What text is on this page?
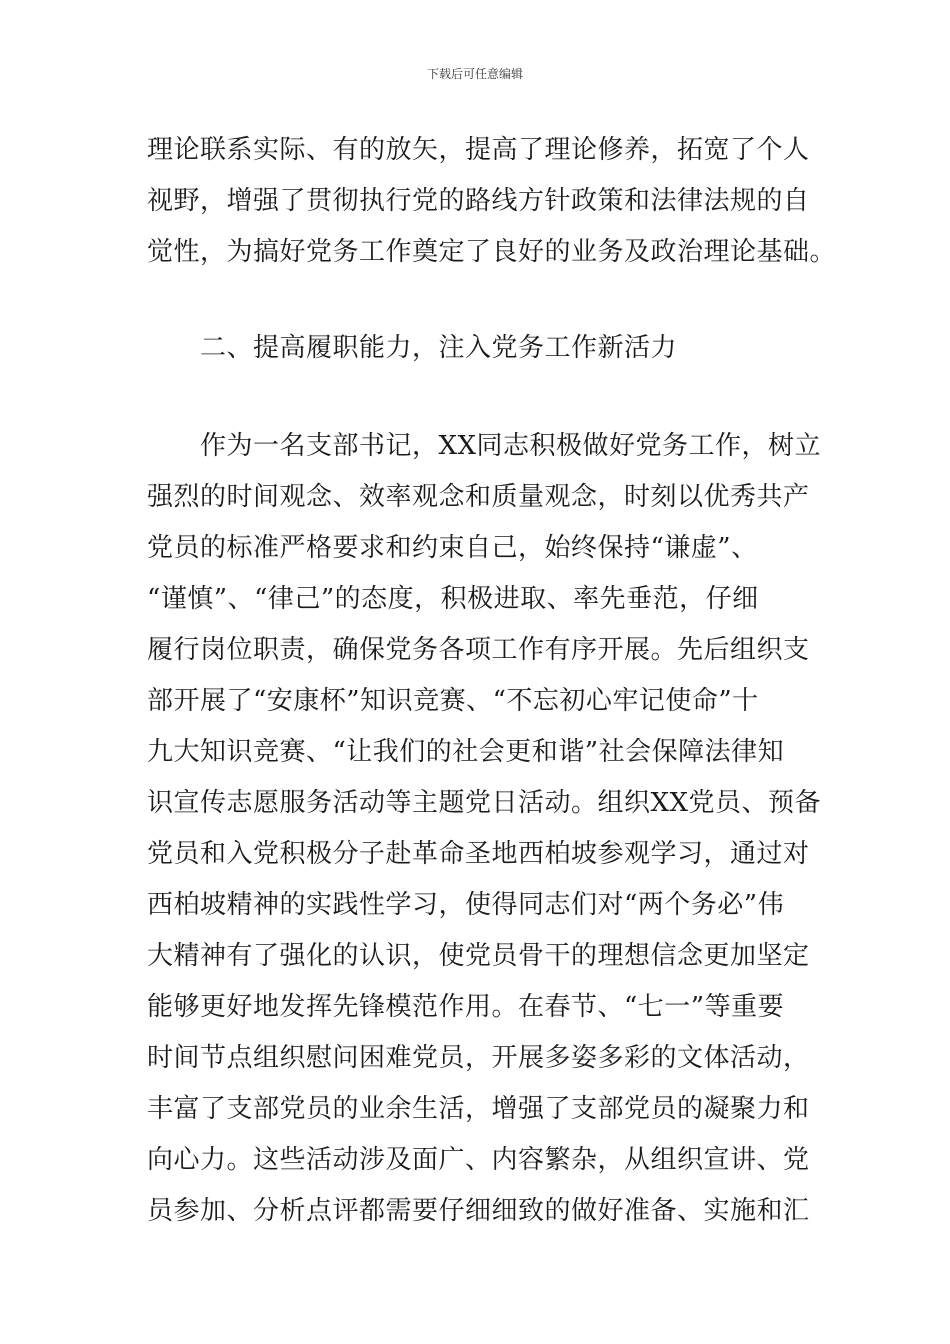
下载后可任意编辑
理论联系实际、有的放矢，提高了理论修养，拓宽了个人
视野，增强了贯彻执行党的路线方针政策和法律法规的自
觉性，为搞好党务工作奠定了良好的业务及政治理论基础。
　　二、提高履职能力，注入党务工作新活力
　　作为一名支部书记，XX同志积极做好党务工作，树立
强烈的时间观念、效率观念和质量观念，时刻以优秀共产
党员的标准严格要求和约束自己，始终保持“谦虚”、
“谨慎”、“律己”的态度，积极进取、率先垂范，仔细
履行岗位职责，确保党务各项工作有序开展。先后组织支
部开展了“安康杯”知识竞赛、“不忘初心牢记使命”十
九大知识竞赛、“让我们的社会更和谐”社会保障法律知
识宣传志愿服务活动等主题党日活动。组织XX党员、预备
党员和入党积极分子赴革命圣地西柏坡参观学习，通过对
西柏坡精神的实践性学习，使得同志们对“两个务必”伟
大精神有了强化的认识，使党员骨干的理想信念更加坚定
能够更好地发挥先锋模范作用。在春节、“七一”等重要
时间节点组织慰问困难党员，开展多姿多彩的文体活动，
丰富了支部党员的业余生活，增强了支部党员的凝聚力和
向心力。这些活动涉及面广、内容繁杂，从组织宣讲、党
员参加、分析点评都需要仔细细致的做好准备、实施和汇
